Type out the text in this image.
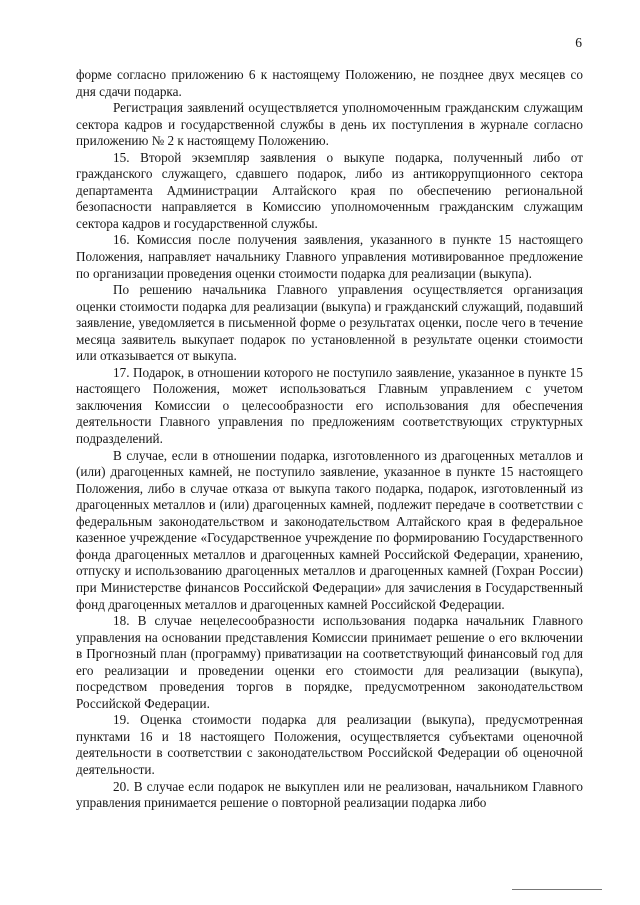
6

форме согласно приложению 6 к настоящему Положению, не позднее двух месяцев со дня сдачи подарка.

Регистрация заявлений осуществляется уполномоченным гражданским служащим сектора кадров и государственной службы в день их поступления в журнале согласно приложению № 2 к настоящему Положению.

15. Второй экземпляр заявления о выкупе подарка, полученный либо от гражданского служащего, сдавшего подарок, либо из антикоррупционного сектора департамента Администрации Алтайского края по обеспечению региональной безопасности направляется в Комиссию уполномоченным гражданским служащим сектора кадров и государственной службы.

16. Комиссия после получения заявления, указанного в пункте 15 настоящего Положения, направляет начальнику Главного управления мотивированное предложение по организации проведения оценки стоимости подарка для реализации (выкупа).

По решению начальника Главного управления осуществляется организация оценки стоимости подарка для реализации (выкупа) и гражданский служащий, подавший заявление, уведомляется в письменной форме о результатах оценки, после чего в течение месяца заявитель выкупает подарок по установленной в результате оценки стоимости или отказывается от выкупа.

17. Подарок, в отношении которого не поступило заявление, указанное в пункте 15 настоящего Положения, может использоваться Главным управлением с учетом заключения Комиссии о целесообразности его использования для обеспечения деятельности Главного управления по предложениям соответствующих структурных подразделений.

В случае, если в отношении подарка, изготовленного из драгоценных металлов и (или) драгоценных камней, не поступило заявление, указанное в пункте 15 настоящего Положения, либо в случае отказа от выкупа такого подарка, подарок, изготовленный из драгоценных металлов и (или) драгоценных камней, подлежит передаче в соответствии с федеральным законодательством и законодательством Алтайского края в федеральное казенное учреждение «Государственное учреждение по формированию Государственного фонда драгоценных металлов и драгоценных камней Российской Федерации, хранению, отпуску и использованию драгоценных металлов и драгоценных камней (Гохран России) при Министерстве финансов Российской Федерации» для зачисления в Государственный фонд драгоценных металлов и драгоценных камней Российской Федерации.

18. В случае нецелесообразности использования подарка начальник Главного управления на основании представления Комиссии принимает решение о его включении в Прогнозный план (программу) приватизации на соответствующий финансовый год для его реализации и проведении оценки его стоимости для реализации (выкупа), посредством проведения торгов в порядке, предусмотренном законодательством Российской Федерации.

19. Оценка стоимости подарка для реализации (выкупа), предусмотренная пунктами 16 и 18 настоящего Положения, осуществляется субъектами оценочной деятельности в соответствии с законодательством Российской Федерации об оценочной деятельности.

20. В случае если подарок не выкуплен или не реализован, начальником Главного управления принимается решение о повторной реализации подарка либо
